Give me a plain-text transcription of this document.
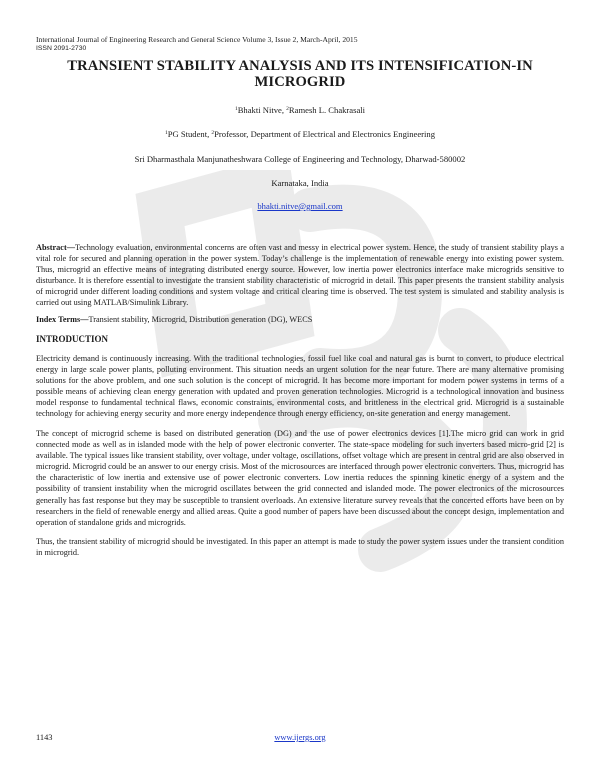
International Journal of Engineering Research and General Science Volume 3, Issue 2, March-April, 2015
ISSN 2091-2730
TRANSIENT STABILITY ANALYSIS AND ITS INTENSIFICATION-IN MICROGRID
$^1$Bhakti Nitve, $^2$Ramesh L. Chakrasali
$^1$PG Student, $^2$Professor, Department of Electrical and Electronics Engineering
Sri Dharmasthala Manjunatheshwara College of Engineering and Technology, Dharwad-580002
Karnataka, India
bhakti.nitve@gmail.com

Abstract—Technology evaluation, environmental concerns are often vast and messy in electrical power system. Hence, the study of transient stability plays a vital role for secured and planning operation in the power system. Today’s challenge is the implementation of renewable energy into existing power system. Thus, microgrid an effective means of integrating distributed energy source. However, low inertia power electronics interface make microgrids sensitive to disturbance. It is therefore essential to investigate the transient stability characteristic of microgrid in detail. This paper presents the transient stability analysis of microgrid under different loading conditions and system voltage and critical clearing time is observed. The test system is simulated and stability analysis is carried out using MATLAB/Simulink Library.

Index Terms—Transient stability, Microgrid, Distribution generation (DG), WECS

INTRODUCTION

Electricity demand is continuously increasing. With the traditional technologies, fossil fuel like coal and natural gas is burnt to convert, to produce electrical energy in large scale power plants, polluting environment. This situation needs an urgent solution for the near future. There are many alternative promising solutions for the above problem, and one such solution is the concept of microgrid. It has become more important for modern power systems in terms of a possible means of achieving clean energy generation with updated and proven generation technologies. Microgrid is a technological innovation and business model response to fundamental technical flaws, economic constraints, environmental costs, and brittleness in the electrical grid. Microgrid is a sustainable technology for achieving energy security and more energy independence through energy efficiency, on-site generation and energy management.

The concept of microgrid scheme is based on distributed generation (DG) and the use of power electronics devices [1].The micro grid can work in grid connected mode as well as in islanded mode with the help of power electronic converter. The state-space modeling for such inverters based micro-grid [2] is available. The typical issues like transient stability, over voltage, under voltage, oscillations, offset voltage which are present in central grid are also observed in microgrid. Microgrid could be an answer to our energy crisis. Most of the microsources are interfaced through power electronic converters. Thus, microgrid has the characteristic of low inertia and extensive use of power electronic converters. Low inertia reduces the spinning kinetic energy of a system and the possibility of transient instability when the microgrid oscillates between the grid connected and islanded mode. The power electronics of the microsources generally has fast response but they may be susceptible to transient overloads. An extensive literature survey reveals that the concerted efforts have been on by researchers in the field of renewable energy and allied areas. Quite a good number of papers have been discussed about the concept design, implementation and operation of standalone grids and microgrids.

Thus, the transient stability of microgrid should be investigated. In this paper an attempt is made to study the power system issues under the transient condition in microgrid.

1143	www.ijergs.org
